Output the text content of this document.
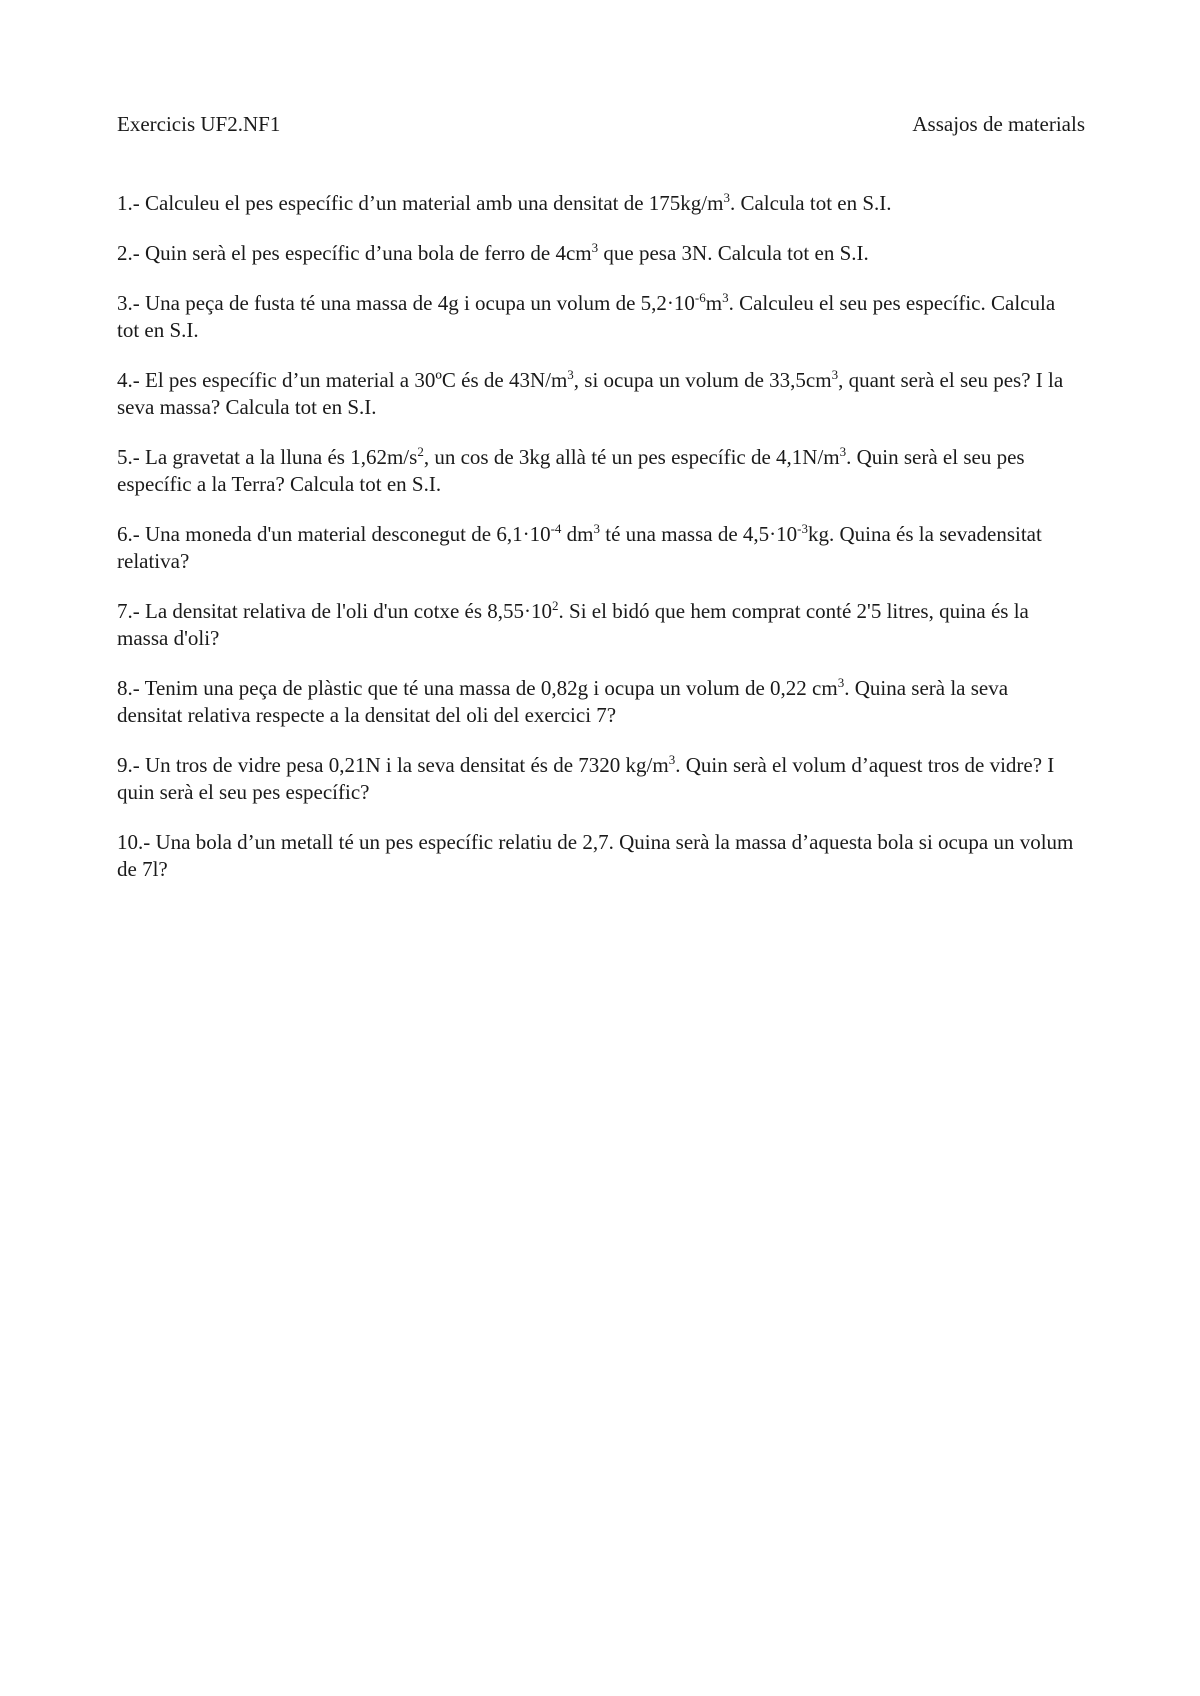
Exercicis UF2.NF1	Assajos de materials

1.- Calculeu el pes específic d’un material amb una densitat de $175kg/m^3$. Calcula tot en S.I.

2.- Quin serà el pes específic d’una bola de ferro de $4cm^3$ que pesa 3N. Calcula tot en S.I.

3.- Una peça de fusta té una massa de 4g i ocupa un volum de $5,2\cdot 10^{-6}m^3$. Calculeu el seu pes específic. Calcula tot en S.I.

4.- El pes específic d’un material a 30ºC és de $43N/m^3$, si ocupa un volum de $33,5cm^3$, quant serà el seu pes? I la seva massa? Calcula tot en S.I.

5.- La gravetat a la lluna és $1,62m/s^2$, un cos de 3kg allà té un pes específic de $4,1N/m^3$. Quin serà el seu pes específic a la Terra? Calcula tot en S.I.

6.- Una moneda d'un material desconegut de $6,1\cdot 10^{-4}$ $dm^3$ té una massa de $4,5\cdot 10^{-3}kg$. Quina és la sevadensitat relativa?

7.- La densitat relativa de l'oli d'un cotxe és $8,55\cdot 10^2$. Si el bidó que hem comprat conté 2'5 litres, quina és la massa d'oli?

8.- Tenim una peça de plàstic que té una massa de 0,82g i ocupa un volum de 0,22 $cm^3$. Quina serà la seva densitat relativa respecte a la densitat del oli del exercici 7?

9.- Un tros de vidre pesa 0,21N i la seva densitat és de 7320 $kg/m^3$. Quin serà el volum d’aquest tros de vidre? I quin serà el seu pes específic?

10.- Una bola d’un metall té un pes específic relatiu de 2,7. Quina serà la massa d’aquesta bola si ocupa un volum de 7l?
